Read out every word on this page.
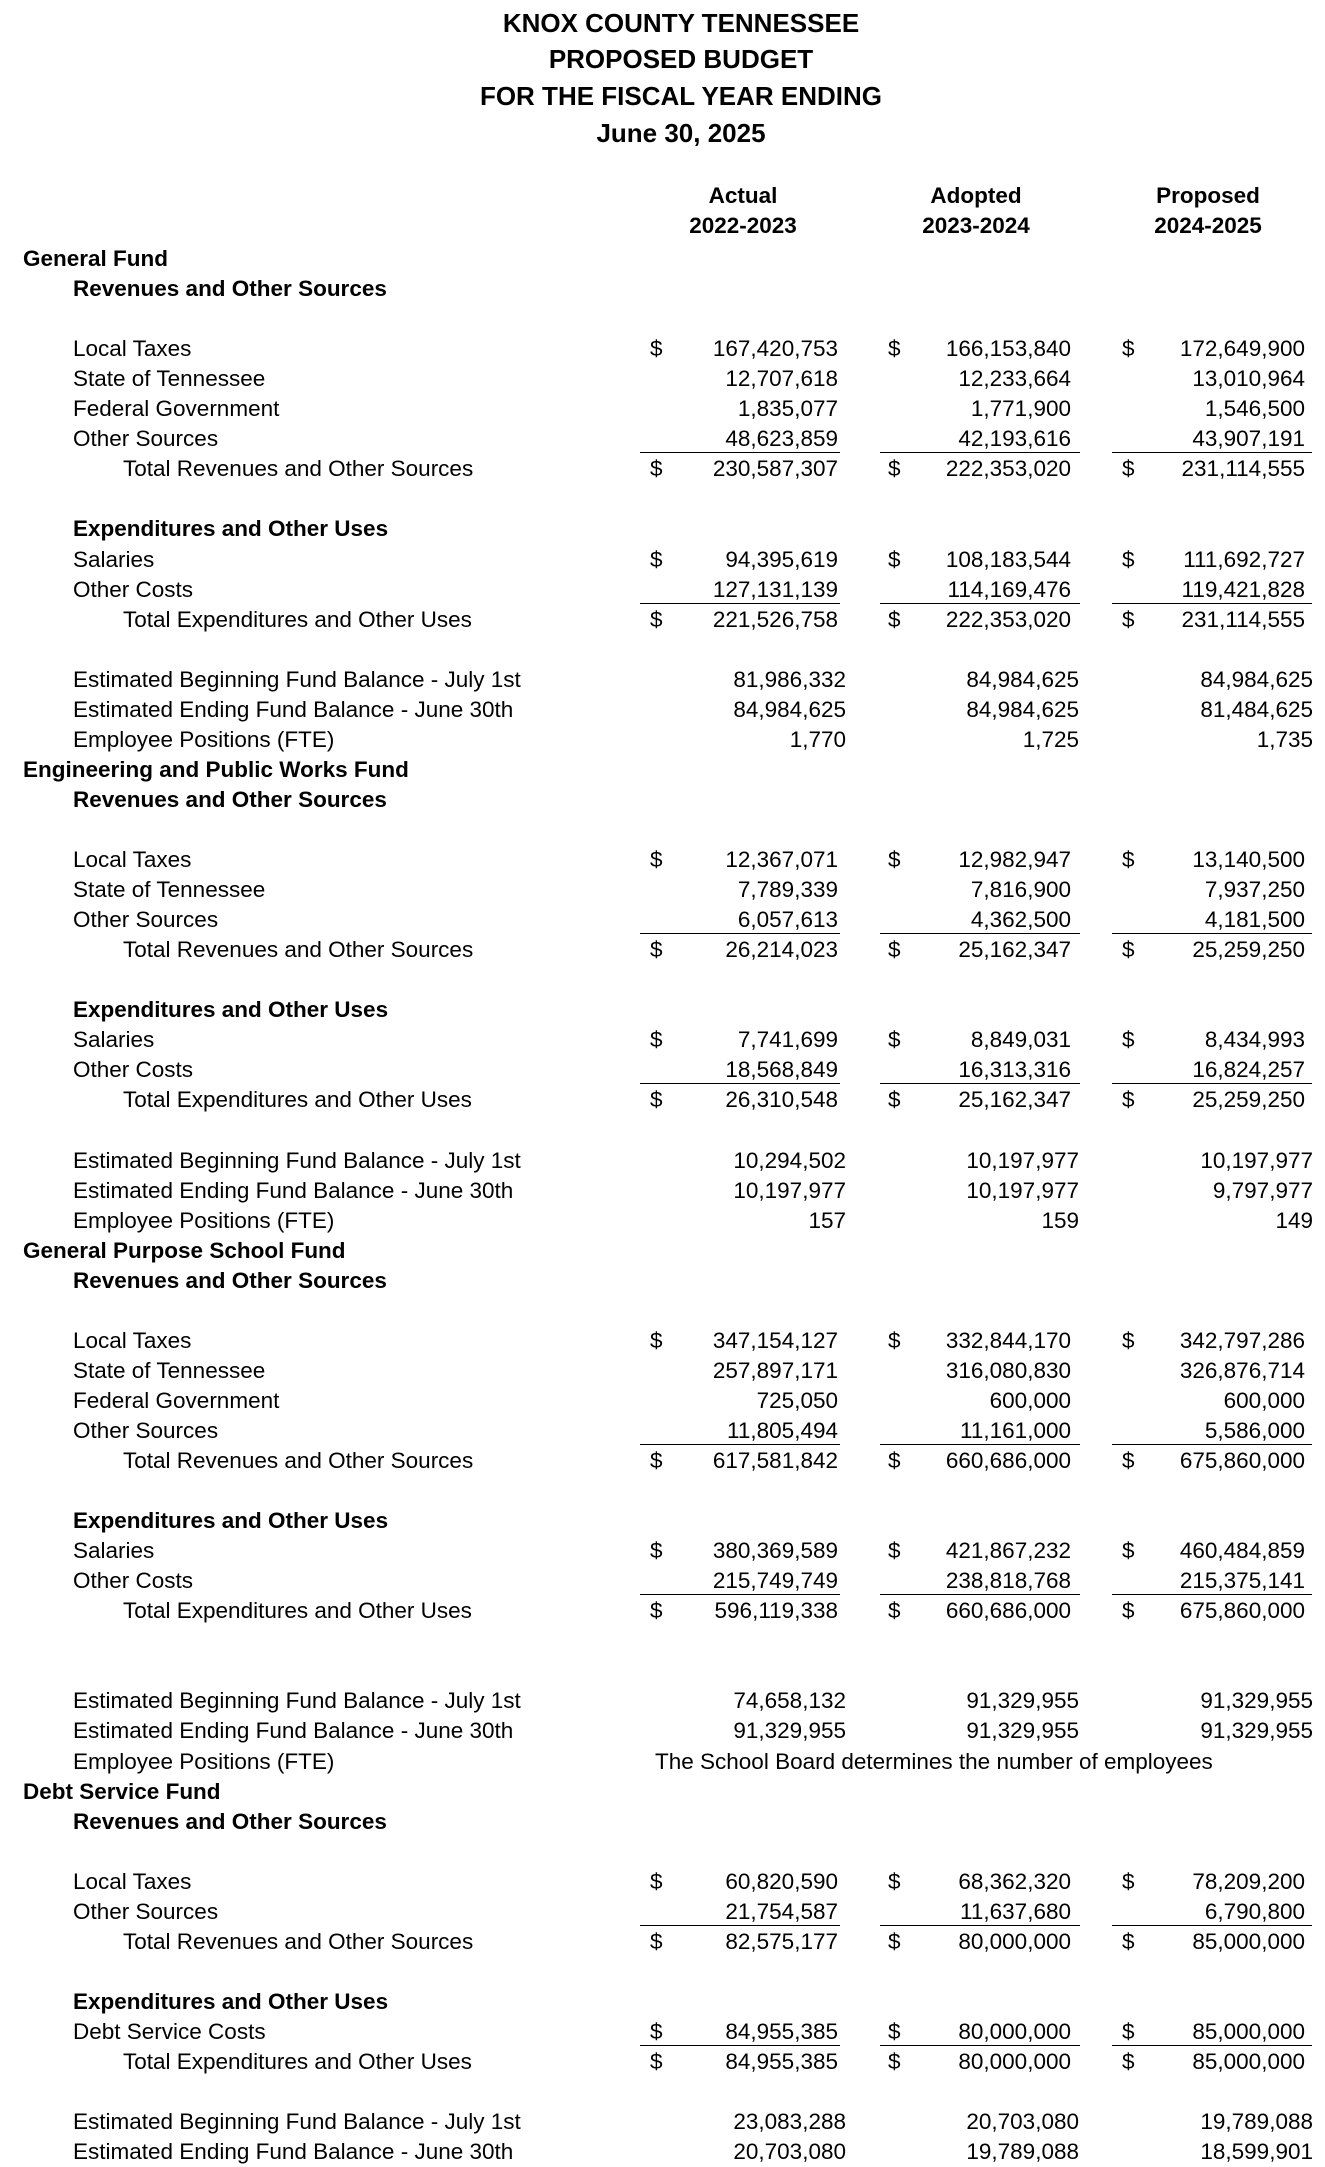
KNOX COUNTY TENNESSEE
PROPOSED BUDGET
FOR THE FISCAL YEAR ENDING
June 30, 2025
Actual
2022-2023
Adopted
2023-2024
Proposed
2024-2025
General Fund
Revenues and Other Sources
Local Taxes	$	167,420,753 $	166,153,840 $	172,649,900
State of Tennessee	12,707,618	12,233,664	13,010,964
Federal Government	1,835,077	1,771,900	1,546,500
Other Sources	48,623,859	42,193,616	43,907,191
Total Revenues and Other Sources	$	230,587,307 $	222,353,020 $	231,114,555
Expenditures and Other Uses
Salaries	$	94,395,619 $	108,183,544 $	111,692,727
Other Costs	127,131,139	114,169,476	119,421,828
Total Expenditures and Other Uses	$	221,526,758 $	222,353,020 $	231,114,555
Estimated Beginning Fund Balance - July 1st	81,986,332	84,984,625	84,984,625
Estimated Ending Fund Balance - June 30th	84,984,625	84,984,625	81,484,625
Employee Positions (FTE)	1,770	1,725	1,735
Engineering and Public Works Fund
Revenues and Other Sources
Local Taxes	$	12,367,071 $	12,982,947 $	13,140,500
State of Tennessee	7,789,339	7,816,900	7,937,250
Other Sources	6,057,613	4,362,500	4,181,500
Total Revenues and Other Sources	$	26,214,023 $	25,162,347 $	25,259,250
Expenditures and Other Uses
Salaries	$	7,741,699 $	8,849,031 $	8,434,993
Other Costs	18,568,849	16,313,316	16,824,257
Total Expenditures and Other Uses	$	26,310,548 $	25,162,347 $	25,259,250
Estimated Beginning Fund Balance - July 1st	10,294,502	10,197,977	10,197,977
Estimated Ending Fund Balance - June 30th	10,197,977	10,197,977	9,797,977
Employee Positions (FTE)	157	159	149
General Purpose School Fund
Revenues and Other Sources
Local Taxes	$	347,154,127 $	332,844,170 $	342,797,286
State of Tennessee	257,897,171	316,080,830	326,876,714
Federal Government	725,050	600,000	600,000
Other Sources	11,805,494	11,161,000	5,586,000
Total Revenues and Other Sources	$	617,581,842 $	660,686,000 $	675,860,000
Expenditures and Other Uses
Salaries	$	380,369,589 $	421,867,232 $	460,484,859
Other Costs	215,749,749	238,818,768	215,375,141
Total Expenditures and Other Uses	$	596,119,338 $	660,686,000 $	675,860,000
Estimated Beginning Fund Balance - July 1st	74,658,132	91,329,955	91,329,955
Estimated Ending Fund Balance - June 30th	91,329,955	91,329,955	91,329,955
Employee Positions (FTE)	The School Board determines the number of employees
Debt Service Fund
Revenues and Other Sources
Local Taxes	$	60,820,590 $	68,362,320 $	78,209,200
Other Sources	21,754,587	11,637,680	6,790,800
Total Revenues and Other Sources	$	82,575,177 $	80,000,000 $	85,000,000
Expenditures and Other Uses
Debt Service Costs	$	84,955,385 $	80,000,000 $	85,000,000
Total Expenditures and Other Uses	$	84,955,385 $	80,000,000 $	85,000,000
Estimated Beginning Fund Balance - July 1st	23,083,288	20,703,080	19,789,088
Estimated Ending Fund Balance - June 30th	20,703,080	19,789,088	18,599,901
